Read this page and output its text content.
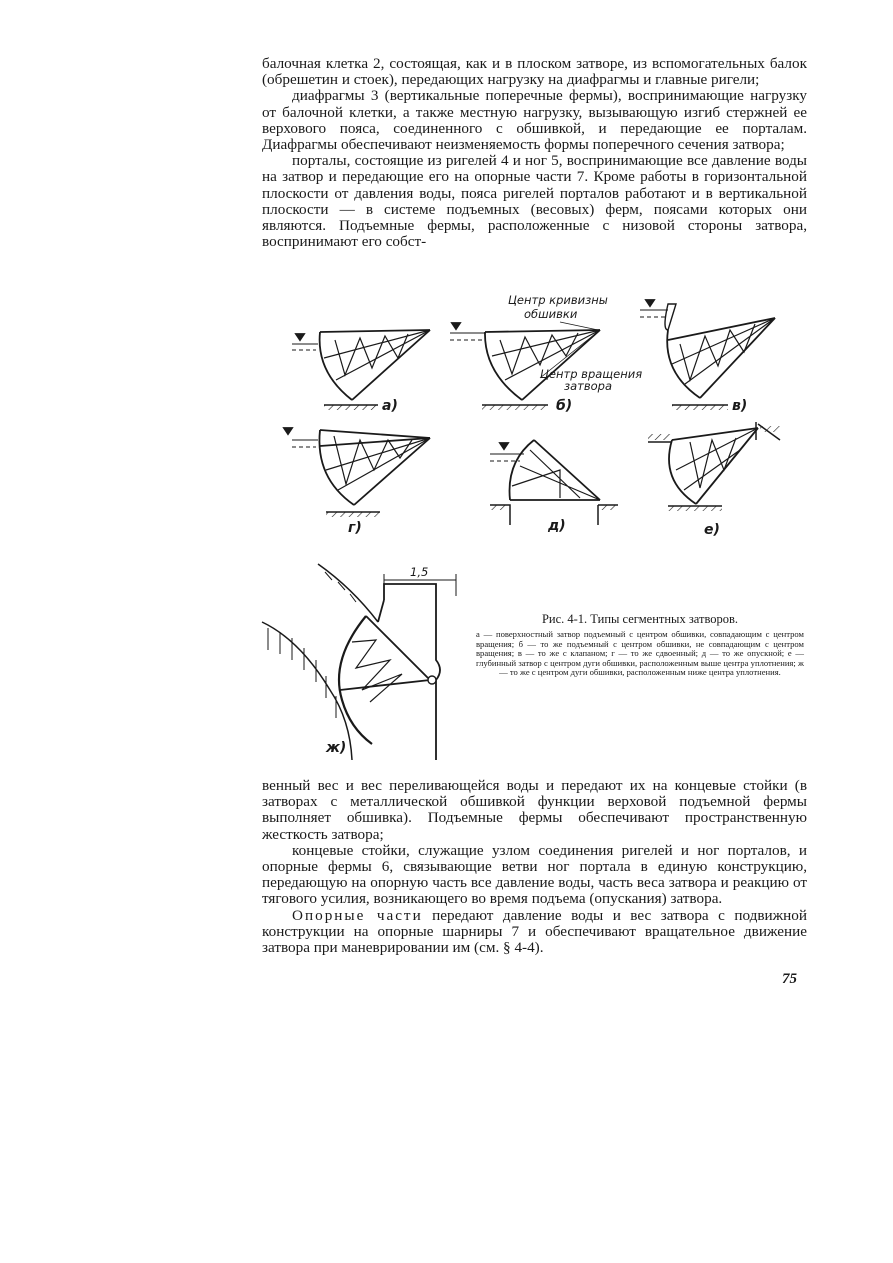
балочная клетка 2, состоящая, как и в плоском затворе, из вспомогательных балок (обрешетин и стоек), передающих нагрузку на диафрагмы и главные ригели;

диафрагмы 3 (вертикальные поперечные фермы), воспринимающие нагрузку от балочной клетки, а также местную нагрузку, вызывающую изгиб стержней ее верхового пояса, соединенного с обшивкой, и передающие ее порталам. Диафрагмы обеспечивают неизменяемость формы поперечного сечения затвора;

порталы, состоящие из ригелей 4 и ног 5, воспринимающие все давление воды на затвор и передающие его на опорные части 7. Кроме работы в горизонтальной плоскости от давления воды, пояса ригелей порталов работают и в вертикальной плоскости — в системе подъемных (весовых) ферм, поясами которых они являются. Подъемные фермы, расположенные с низовой стороны затвора, воспринимают его собст-

а)
Центр кривизны
обшивки
Центр вращения
затвора
б)	в)
г)	д)	е)
1,5
ж)
Рис. 4-1. Типы сегментных затворов.
а — поверхностный затвор подъемный с центром обшивки, совпадающим с центром вращения; б — то же подъемный с центром обшивки, не совпадающим с центром вращения; в — то же с клапаном; г — то же сдвоенный; д — то же опускной; е — глубинный затвор с центром дуги обшивки, расположенным выше центра уплотнения; ж — то же с центром дуги обшивки, расположенным ниже центра уплотнения.

венный вес и вес переливающейся воды и передают их на концевые стойки (в затворах с металлической обшивкой функции верховой подъемной фермы выполняет обшивка). Подъемные фермы обеспечивают пространственную жесткость затвора;

концевые стойки, служащие узлом соединения ригелей и ног порталов, и опорные фермы 6, связывающие ветви ног портала в единую конструкцию, передающую на опорную часть все давление воды, часть веса затвора и реакцию от тягового усилия, возникающего во время подъема (опускания) затвора.

Опорные части передают давление воды и вес затвора с подвижной конструкции на опорные шарниры 7 и обеспечивают вращательное движение затвора при маневрировании им (см. § 4-4).

75
